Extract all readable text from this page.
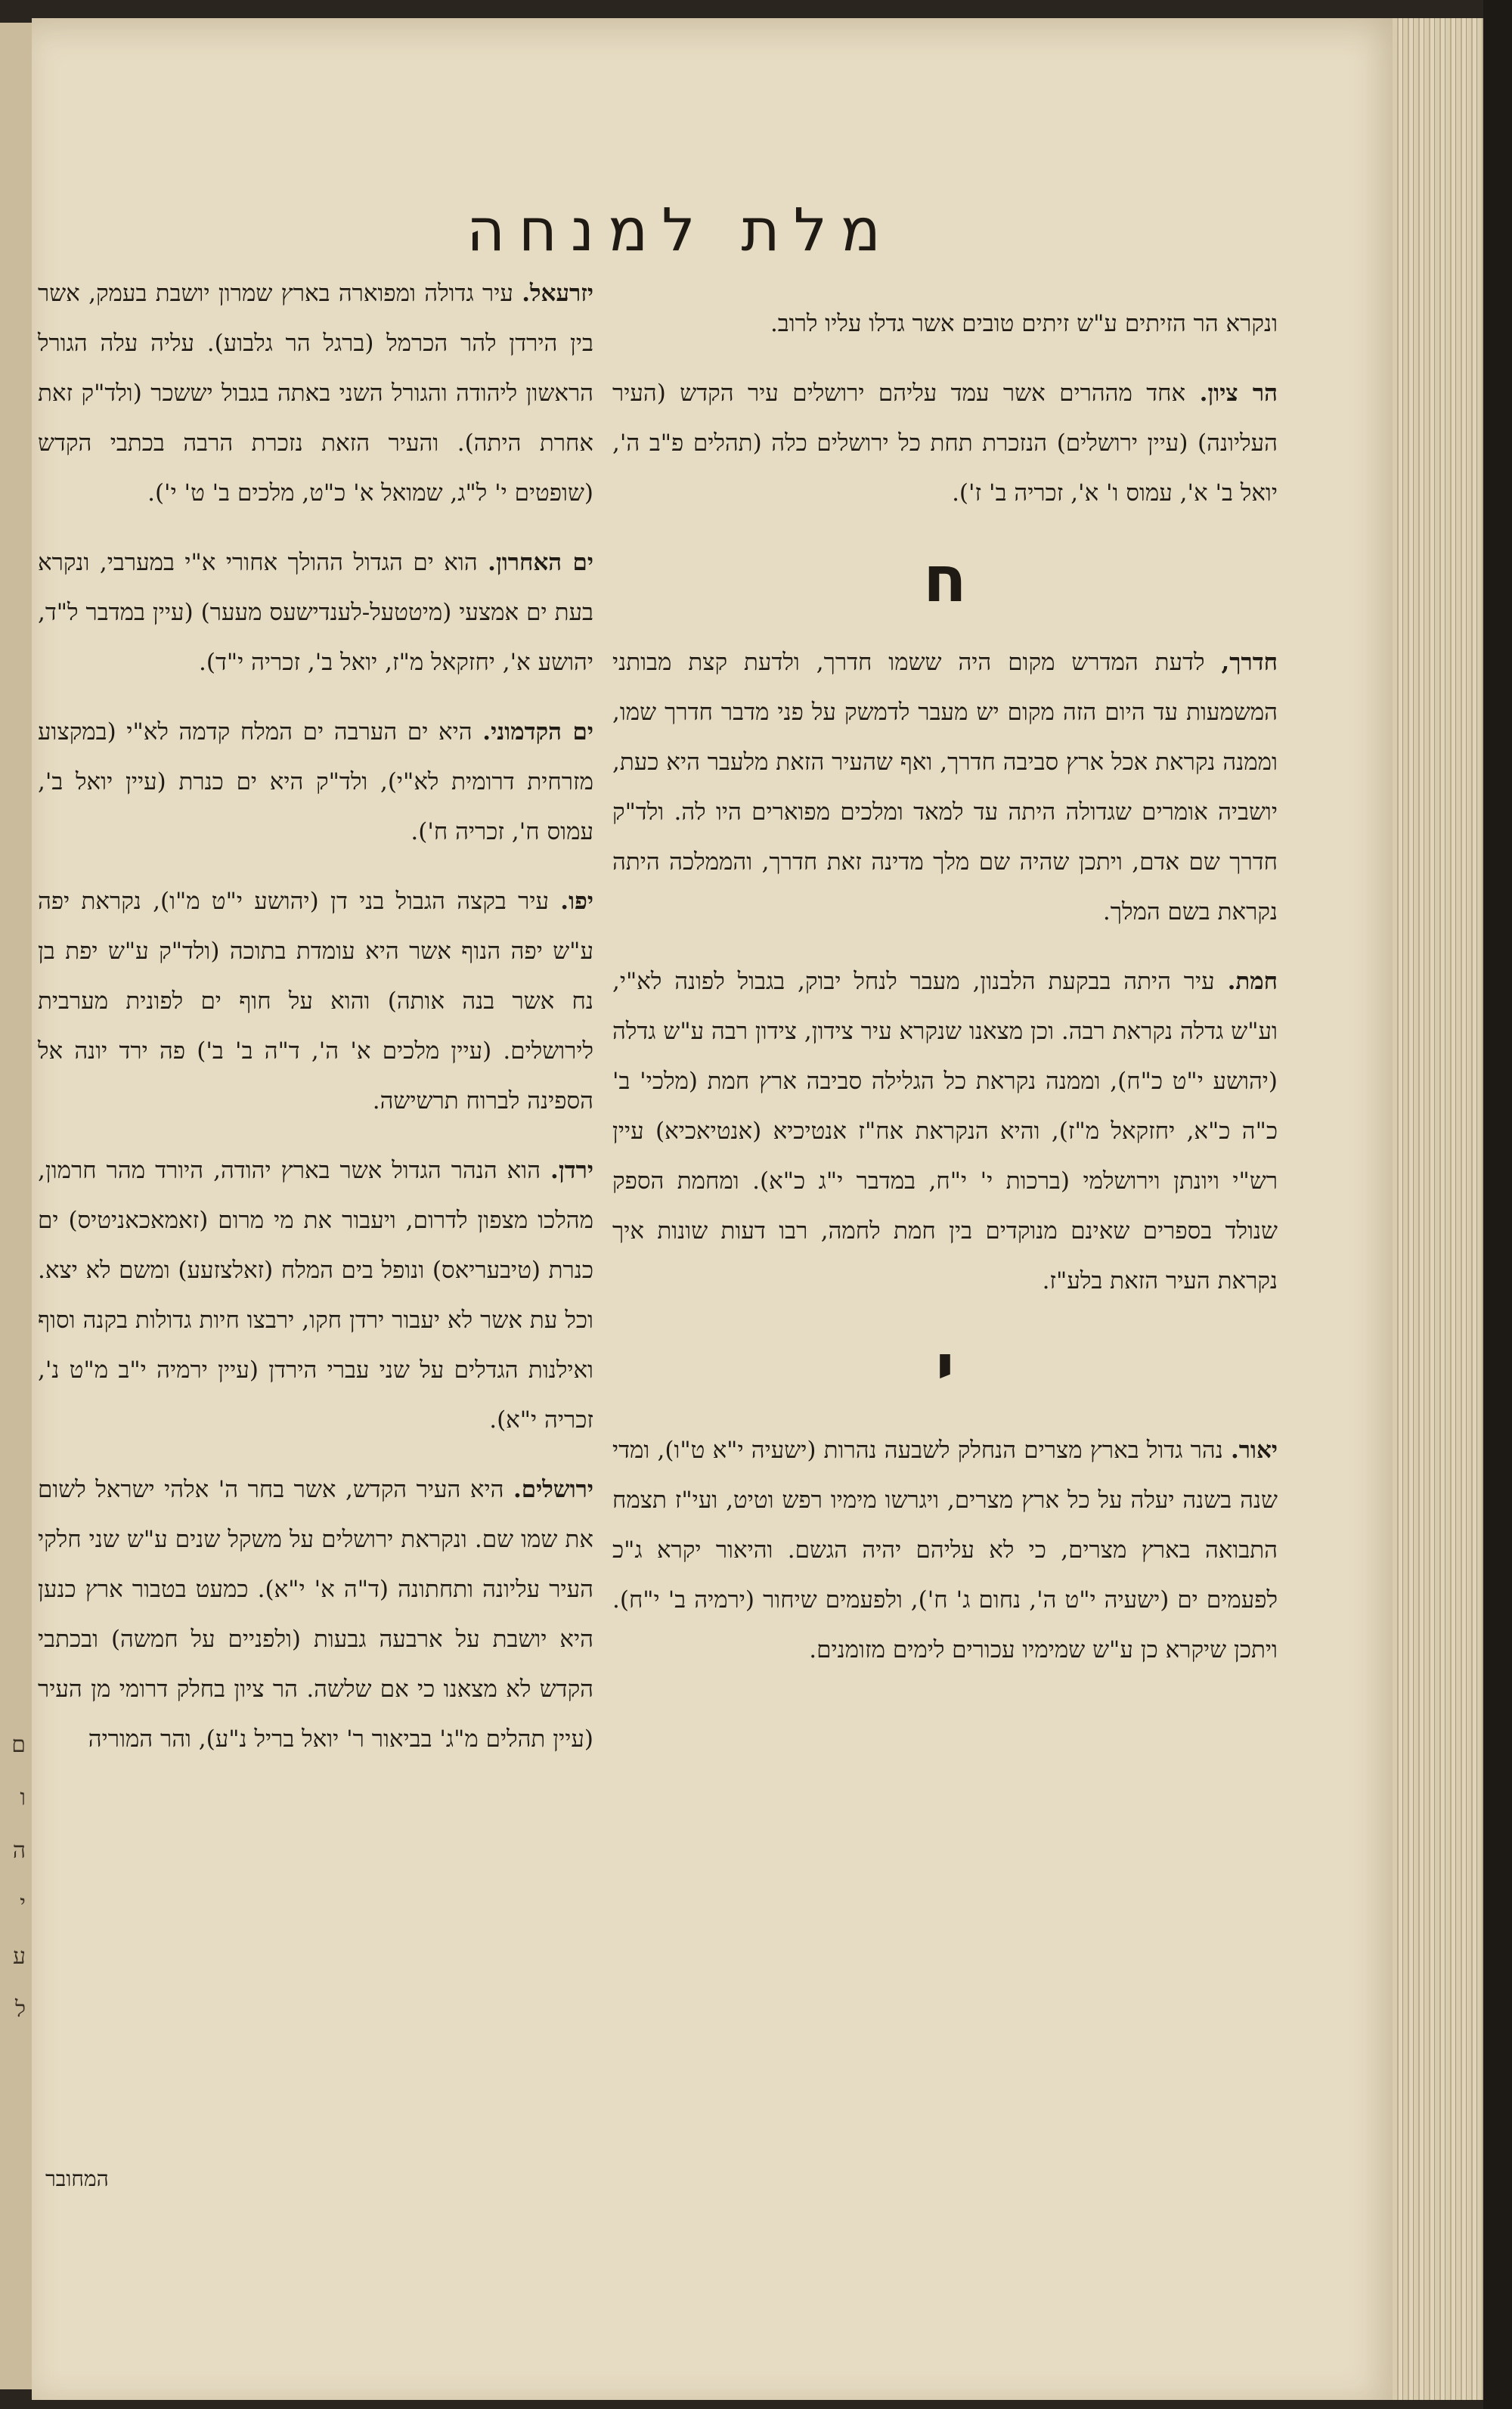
ם
ו
ה
י
ע
ל
מלת למנחה

ונקרא הר הזיתים ע"ש זיתים טובים אשר גדלו עליו לרוב.

הר ציון. אחד מההרים אשר עמד עליהם ירושלים עיר הקדש (העיר העליונה) (עיין ירושלים) הנזכרת תחת כל ירושלים כלה (תהלים פ"ב ה', יואל ב' א', עמוס ו' א', זכריה ב' ז').

ח

חדרך, לדעת המדרש מקום היה ששמו חדרך, ולדעת קצת מבותני המשמעות עד היום הזה מקום יש מעבר לדמשק על פני מדבר חדרך שמו, וממנה נקראת אכל ארץ סביבה חדרך, ואף שהעיר הזאת מלעבר היא כעת, יושביה אומרים שגדולה היתה עד למאד ומלכים מפוארים היו לה. ולד"ק חדרך שם אדם, ויתכן שהיה שם מלך מדינה זאת חדרך, והממלכה היתה נקראת בשם המלך.

חמת. עיר היתה בבקעת הלבנון, מעבר לנחל יבוק, בגבול לפונה לא"י, וע"ש גדלה נקראת רבה. וכן מצאנו שנקרא עיר צידון, צידון רבה ע"ש גדלה (יהושע י"ט כ"ח), וממנה נקראת כל הגלילה סביבה ארץ חמת (מלכי' ב' כ"ה כ"א, יחזקאל מ"ז), והיא הנקראת אח"ז אנטיכיא (אנטיאכיא) עיין רש"י ויונתן וירושלמי (ברכות י' י"ח, במדבר י"ג כ"א). ומחמת הספק שנולד בספרים שאינם מנוקדים בין חמת לחמה, רבו דעות שונות איך נקראת העיר הזאת בלע"ז.

י

יאור. נהר גדול בארץ מצרים הנחלק לשבעה נהרות (ישעיה י"א ט"ו), ומדי שנה בשנה יעלה על כל ארץ מצרים, ויגרשו מימיו רפש וטיט, ועי"ז תצמח התבואה בארץ מצרים, כי לא עליהם יהיה הגשם. והיאור יקרא ג"כ לפעמים ים (ישעיה י"ט ה', נחום ג' ח'), ולפעמים שיחור (ירמיה ב' י"ח). ויתכן שיקרא כן ע"ש שמימיו עכורים לימים מזומנים.

יזרעאל. עיר גדולה ומפוארה בארץ שמרון יושבת בעמק, אשר בין הירדן להר הכרמל (ברגל הר גלבוע). עליה עלה הגורל הראשון ליהודה והגורל השני באתה בגבול יששכר (ולד"ק זאת אחרת היתה). והעיר הזאת נזכרת הרבה בכתבי הקדש (שופטים י' ל"ג, שמואל א' כ"ט, מלכים ב' ט' י').

ים האחרון. הוא ים הגדול ההולך אחורי א"י במערבי, ונקרא בעת ים אמצעי (מיטטעל-לענדישעס מעער) (עיין במדבר ל"ד, יהושע א', יחזקאל מ"ז, יואל ב', זכריה י"ד).

ים הקדמוני. היא ים הערבה ים המלח קדמה לא"י (במקצוע מזרחית דרומית לא"י), ולד"ק היא ים כנרת (עיין יואל ב', עמוס ח', זכריה ח').

יפו. עיר בקצה הגבול בני דן (יהושע י"ט מ"ו), נקראת יפה ע"ש יפה הנוף אשר היא עומדת בתוכה (ולד"ק ע"ש יפת בן נח אשר בנה אותה) והוא על חוף ים לפונית מערבית לירושלים. (עיין מלכים א' ה', ד"ה ב' ב') פה ירד יונה אל הספינה לברוח תרשישה.

ירדן. הוא הנהר הגדול אשר בארץ יהודה, היורד מהר חרמון, מהלכו מצפון לדרום, ויעבור את מי מרום (זאמאכאניטיס) ים כנרת (טיבעריאס) ונופל בים המלח (זאלצזעע) ומשם לא יצא. וכל עת אשר לא יעבור ירדן חקו, ירבצו חיות גדולות בקנה וסוף ואילנות הגדלים על שני עברי הירדן (עיין ירמיה י"ב מ"ט נ', זכריה י"א).

ירושלים. היא העיר הקדש, אשר בחר ה' אלהי ישראל לשום את שמו שם. ונקראת ירושלים על משקל שנים ע"ש שני חלקי העיר עליונה ותחתונה (ד"ה א' י"א). כמעט בטבור ארץ כנען היא יושבת על ארבעה גבעות (ולפניים על חמשה) ובכתבי הקדש לא מצאנו כי אם שלשה. הר ציון בחלק דרומי מן העיר (עיין תהלים מ"ג' בביאור ר' יואל בריל נ"ע), והר המוריה

המחובר
